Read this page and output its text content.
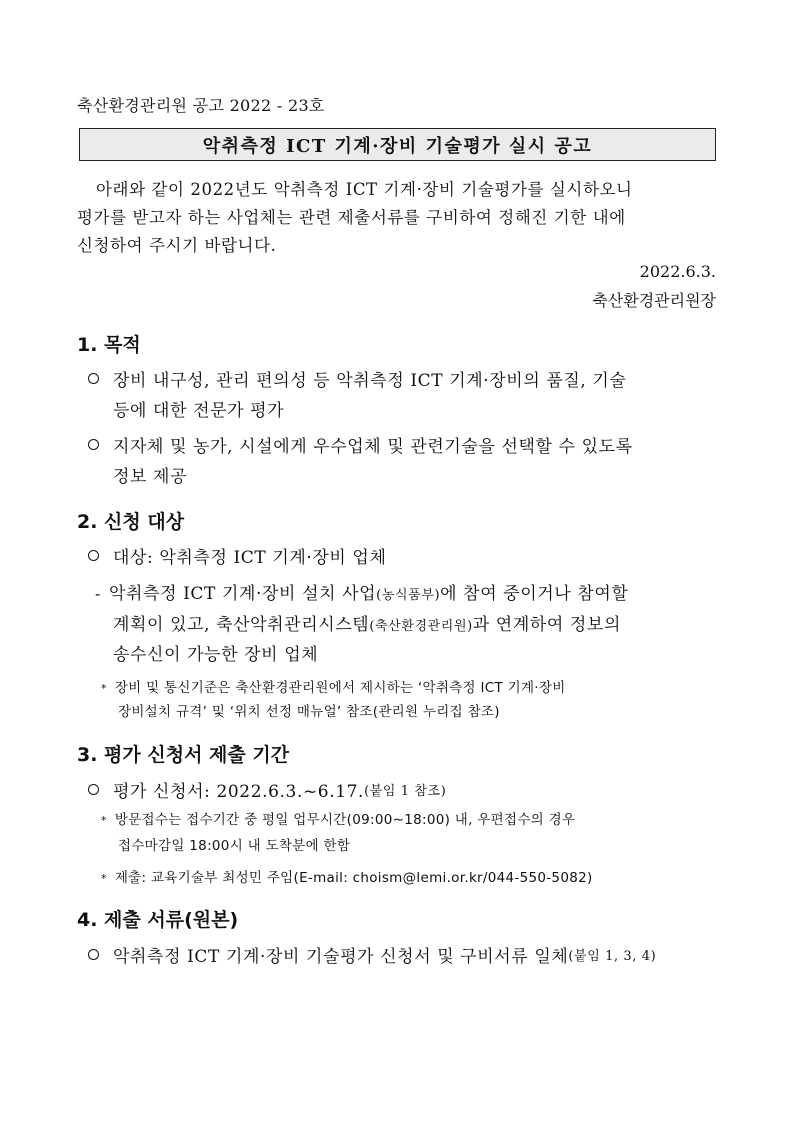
축산환경관리원 공고 2022 - 23호
악취측정 ICT 기계·장비 기술평가 실시 공고
아래와 같이 2022년도 악취측정 ICT 기계·장비 기술평가를 실시하오니
평가를 받고자 하는 사업체는 관련 제출서류를 구비하여 정해진 기한 내에
신청하여 주시기 바랍니다.
2022.6.3.
축산환경관리원장
1. 목적
장비 내구성, 관리 편의성 등 악취측정 ICT 기계·장비의 품질, 기술
등에 대한 전문가 평가
지자체 및 농가, 시설에게 우수업체 및 관련기술을 선택할 수 있도록
정보 제공
2. 신청 대상
대상: 악취측정 ICT 기계·장비 업체
- 악취측정 ICT 기계·장비 설치 사업(농식품부)에 참여 중이거나 참여할
계획이 있고, 축산악취관리시스템(축산환경관리원)과 연계하여 정보의
송수신이 가능한 장비 업체
* 장비 및 통신기준은 축산환경관리원에서 제시하는 ‘악취측정 ICT 기계·장비
장비설치 규격’ 및 ‘위치 선정 매뉴얼’ 참조(관리원 누리집 참조)
3. 평가 신청서 제출 기간
평가 신청서: 2022.6.3.~6.17. (붙임 1 참조)
* 방문접수는 접수기간 중 평일 업무시간(09:00∼18:00) 내, 우편접수의 경우
접수마감일 18:00시 내 도착분에 한함
* 제출: 교육기술부 최성민 주임(E-mail: choism@lemi.or.kr/044-550-5082)
4. 제출 서류(원본)
악취측정 ICT 기계·장비 기술평가 신청서 및 구비서류 일체 (붙임 1, 3, 4)
